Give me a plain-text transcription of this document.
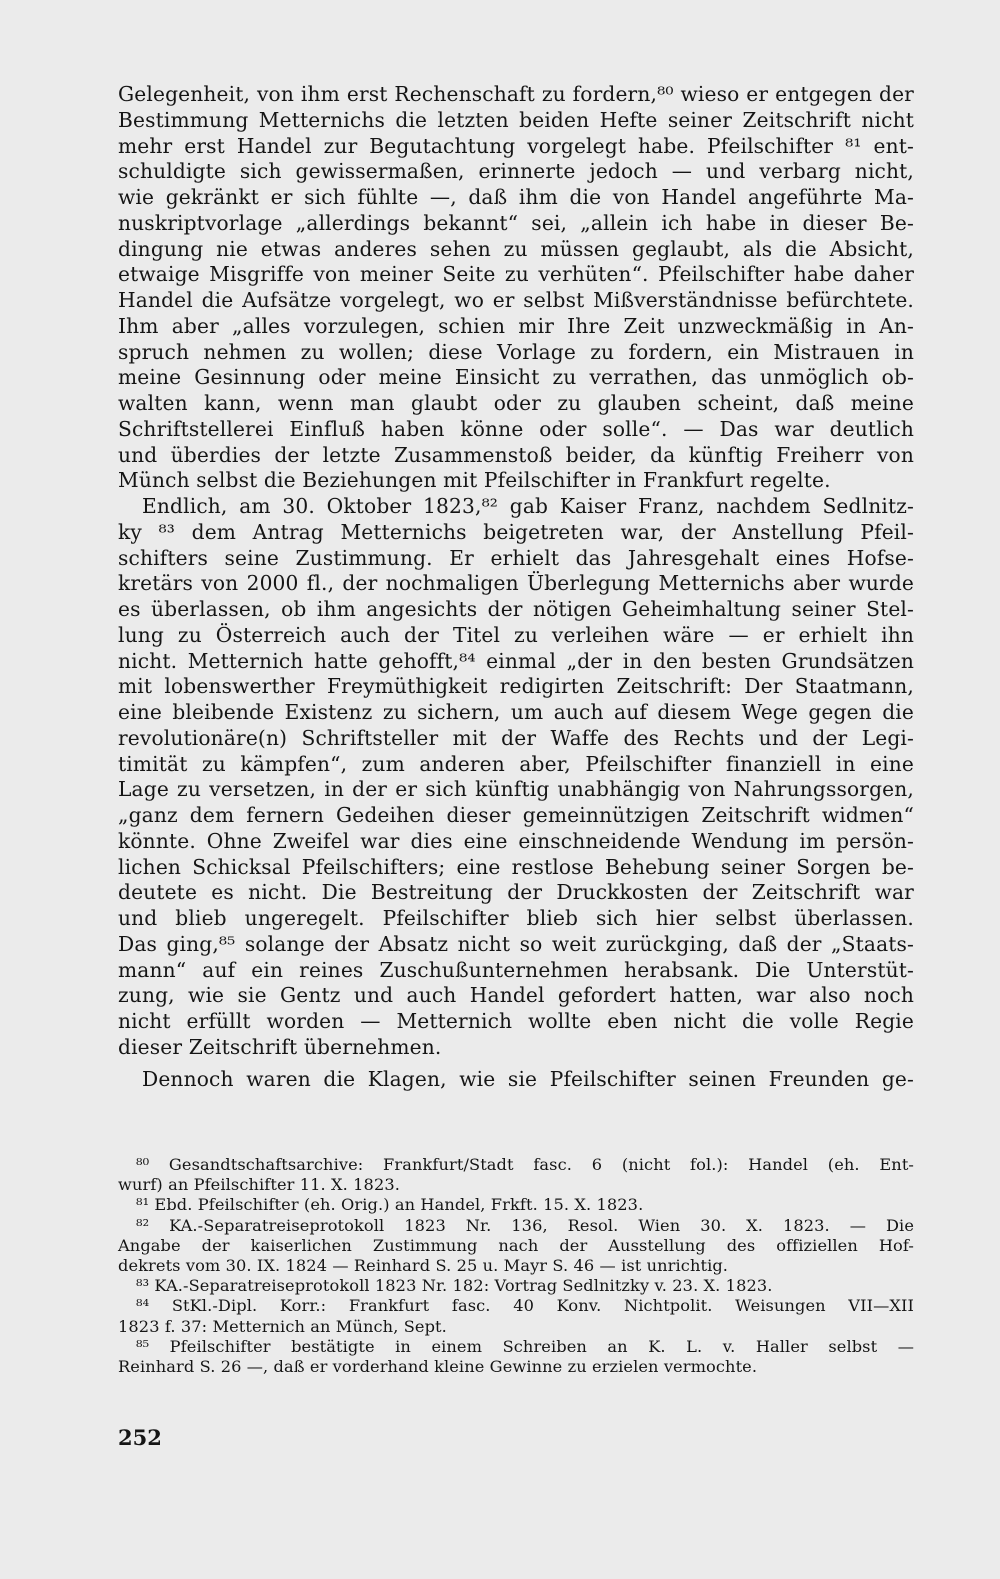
Gelegenheit, von ihm erst Rechenschaft zu fordern,⁸⁰ wieso er entgegen der
Bestimmung Metternichs die letzten beiden Hefte seiner Zeitschrift nicht
mehr erst Handel zur Begutachtung vorgelegt habe. Pfeilschifter ⁸¹ ent-
schuldigte sich gewissermaßen, erinnerte jedoch — und verbarg nicht,
wie gekränkt er sich fühlte —, daß ihm die von Handel angeführte Ma-
nuskriptvorlage „allerdings bekannt“ sei, „allein ich habe in dieser Be-
dingung nie etwas anderes sehen zu müssen geglaubt, als die Absicht,
etwaige Misgriffe von meiner Seite zu verhüten“. Pfeilschifter habe daher
Handel die Aufsätze vorgelegt, wo er selbst Mißverständnisse befürchtete.
Ihm aber „alles vorzulegen, schien mir Ihre Zeit unzweckmäßig in An-
spruch nehmen zu wollen; diese Vorlage zu fordern, ein Mistrauen in
meine Gesinnung oder meine Einsicht zu verrathen, das unmöglich ob-
walten kann, wenn man glaubt oder zu glauben scheint, daß meine
Schriftstellerei Einfluß haben könne oder solle“. — Das war deutlich
und überdies der letzte Zusammenstoß beider, da künftig Freiherr von
Münch selbst die Beziehungen mit Pfeilschifter in Frankfurt regelte.

Endlich, am 30. Oktober 1823,⁸² gab Kaiser Franz, nachdem Sedlnitz-
ky ⁸³ dem Antrag Metternichs beigetreten war, der Anstellung Pfeil-
schifters seine Zustimmung. Er erhielt das Jahresgehalt eines Hofse-
kretärs von 2000 fl., der nochmaligen Überlegung Metternichs aber wurde
es überlassen, ob ihm angesichts der nötigen Geheimhaltung seiner Stel-
lung zu Österreich auch der Titel zu verleihen wäre — er erhielt ihn
nicht. Metternich hatte gehofft,⁸⁴ einmal „der in den besten Grundsätzen
mit lobenswerther Freymüthigkeit redigirten Zeitschrift: Der Staatmann,
eine bleibende Existenz zu sichern, um auch auf diesem Wege gegen die
revolutionäre(n) Schriftsteller mit der Waffe des Rechts und der Legi-
timität zu kämpfen“, zum anderen aber, Pfeilschifter finanziell in eine
Lage zu versetzen, in der er sich künftig unabhängig von Nahrungssorgen,
„ganz dem fernern Gedeihen dieser gemeinnützigen Zeitschrift widmen“
könnte. Ohne Zweifel war dies eine einschneidende Wendung im persön-
lichen Schicksal Pfeilschifters; eine restlose Behebung seiner Sorgen be-
deutete es nicht. Die Bestreitung der Druckkosten der Zeitschrift war
und blieb ungeregelt. Pfeilschifter blieb sich hier selbst überlassen.
Das ging,⁸⁵ solange der Absatz nicht so weit zurückging, daß der „Staats-
mann“ auf ein reines Zuschußunternehmen herabsank. Die Unterstüt-
zung, wie sie Gentz und auch Handel gefordert hatten, war also noch
nicht erfüllt worden — Metternich wollte eben nicht die volle Regie
dieser Zeitschrift übernehmen.

Dennoch waren die Klagen, wie sie Pfeilschifter seinen Freunden ge-

⁸⁰ Gesandtschaftsarchive: Frankfurt/Stadt fasc. 6 (nicht fol.): Handel (eh. Ent-
wurf) an Pfeilschifter 11. X. 1823.
⁸¹ Ebd. Pfeilschifter (eh. Orig.) an Handel, Frkft. 15. X. 1823.
⁸² KA.-Separatreiseprotokoll 1823 Nr. 136, Resol. Wien 30. X. 1823. — Die
Angabe der kaiserlichen Zustimmung nach der Ausstellung des offiziellen Hof-
dekrets vom 30. IX. 1824 — Reinhard S. 25 u. Mayr S. 46 — ist unrichtig.
⁸³ KA.-Separatreiseprotokoll 1823 Nr. 182: Vortrag Sedlnitzky v. 23. X. 1823.
⁸⁴ StKl.-Dipl. Korr.: Frankfurt fasc. 40 Konv. Nichtpolit. Weisungen VII—XII
1823 f. 37: Metternich an Münch, Sept.
⁸⁵ Pfeilschifter bestätigte in einem Schreiben an K. L. v. Haller selbst —
Reinhard S. 26 —, daß er vorderhand kleine Gewinne zu erzielen vermochte.
252
